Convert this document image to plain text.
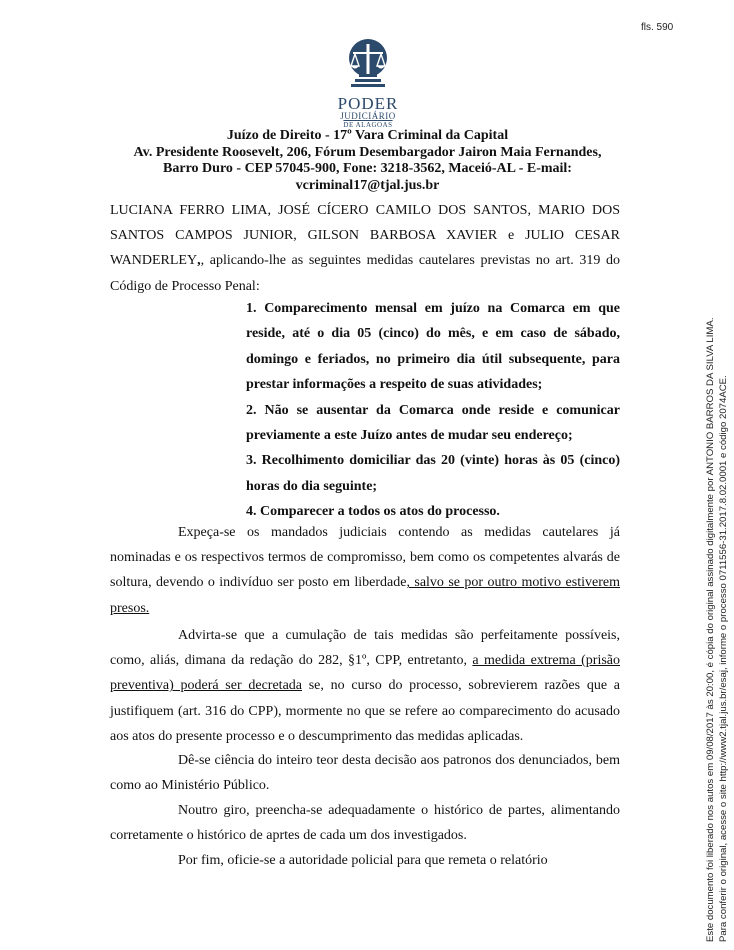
fls. 590
PODER
JUDICIÁRIO
DE ALAGOAS
Juízo de Direito - 17º Vara Criminal da Capital
Av. Presidente Roosevelt, 206, Fórum Desembargador Jairon Maia Fernandes,
Barro Duro - CEP 57045-900, Fone: 3218-3562, Maceió-AL - E-mail:
vcriminal17@tjal.jus.br
LUCIANA FERRO LIMA, JOSÉ CÍCERO CAMILO DOS SANTOS, MARIO DOS SANTOS CAMPOS JUNIOR, GILSON BARBOSA XAVIER e JULIO CESAR WANDERLEY,, aplicando-lhe as seguintes medidas cautelares previstas no art. 319 do Código de Processo Penal:
1. Comparecimento mensal em juízo na Comarca em que reside, até o dia 05 (cinco) do mês, e em caso de sábado, domingo e feriados, no primeiro dia útil subsequente, para prestar informações a respeito de suas atividades;
2. Não se ausentar da Comarca onde reside e comunicar previamente a este Juízo antes de mudar seu endereço;
3. Recolhimento domiciliar das 20 (vinte) horas às 05 (cinco) horas do dia seguinte;
4. Comparecer a todos os atos do processo.
Expeça-se os mandados judiciais contendo as medidas cautelares já nominadas e os respectivos termos de compromisso, bem como os competentes alvarás de soltura, devendo o indivíduo ser posto em liberdade, salvo se por outro motivo estiverem presos.
Advirta-se que a cumulação de tais medidas são perfeitamente possíveis, como, aliás, dimana da redação do 282, §1º, CPP, entretanto, a medida extrema (prisão preventiva) poderá ser decretada se, no curso do processo, sobrevierem razões que a justifiquem (art. 316 do CPP), mormente no que se refere ao comparecimento do acusado aos atos do presente processo e o descumprimento das medidas aplicadas.
Dê-se ciência do inteiro teor desta decisão aos patronos dos denunciados, bem como ao Ministério Público.
Noutro giro, preencha-se adequadamente o histórico de partes, alimentando corretamente o histórico de aprtes de cada um dos investigados.
Por fim, oficie-se a autoridade policial para que remeta o relatório	Este documento foi liberado nos autos em 09/08/2017 às 20:00, é cópia do original assinado digitalmente por ANTONIO BARROS DA SILVA LIMA. Para conferir o original, acesse o site http://www2.tjal.jus.br/esaj, informe o processo 0711556-31.2017.8.02.0001 e código 2074ACE.
